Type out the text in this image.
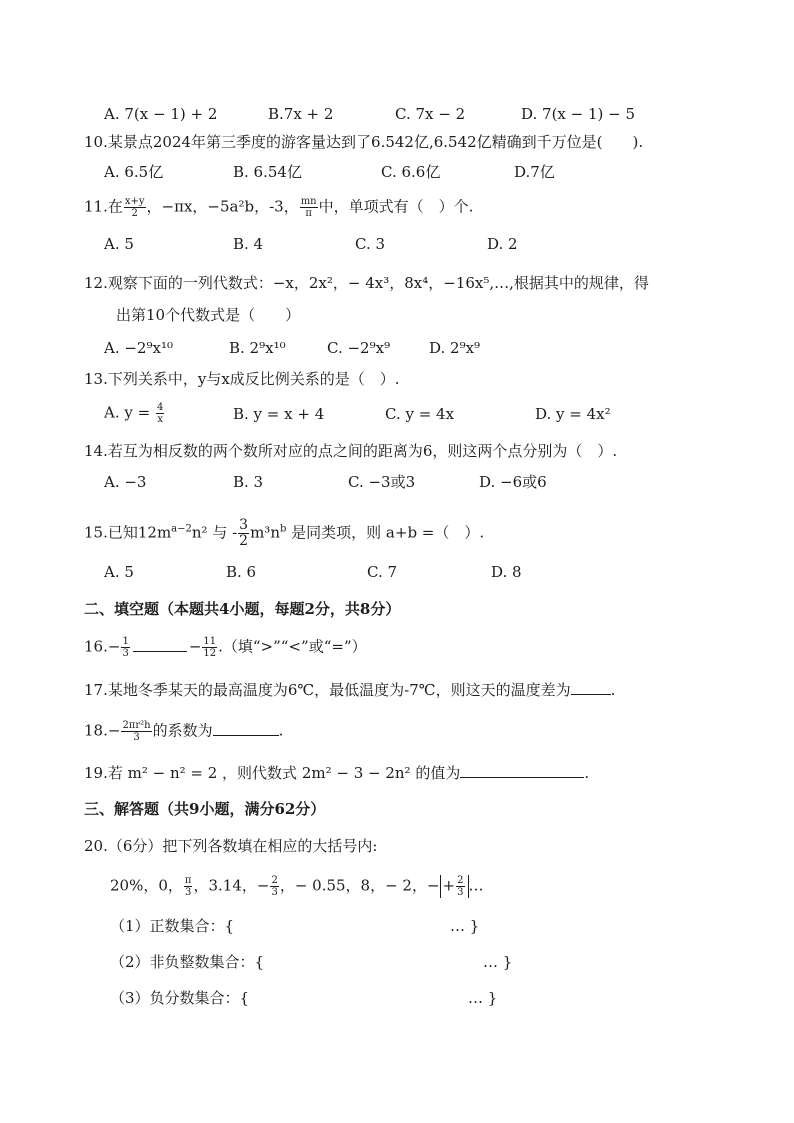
A. 7(x − 1) + 2	B.7x + 2	C. 7x − 2	D. 7(x − 1) − 5
10.某景点2024年第三季度的游客量达到了6.542亿,6.542亿精确到千万位是(　　).
A. 6.5亿	B. 6.54亿	C. 6.6亿	D.7亿
11.在 $\frac{x+y}{2}$ ，−πx，−5a²b，-3， $\frac{mn}{\pi}$ 中，单项式有（　）个.
A. 5	B. 4	C. 3	D. 2
12.观察下面的一列代数式：−x，2x²，− 4x³，8x⁴，−16x⁵,…,根据其中的规律，得
出第10个代数式是（　　）
A. −2⁹x¹⁰	B. 2⁹x¹⁰	C. −2⁹x⁹	D. 2⁹x⁹
13.下列关系中，y与x成反比例关系的是（　）.
A. $y = \frac{4}{x}$	B. y = x + 4	C. y = 4x	D. y = 4x²
14.若互为相反数的两个数所对应的点之间的距离为6，则这两个点分别为（　）.
A. −3	B. 3	C. −3或3	D. −6或6
15.已知$12m^{a-2}n^2$ 与 - $\frac{3}{2} m^3n^b$ 是同类项，则 a+b =（　）.
A. 5	B. 6	C. 7	D. 8
二、填空题（本题共4小题，每题2分，共8分）
$16.- \frac{1}{3}$	− $\frac{11}{12}$ .（填“>”“<”或“=”）
17.某地冬季某天的最高温度为6℃，最低温度为-7℃，则这天的温度差为	.
$18.- \frac{\text{2πr²h}}{3}$ 的系数为	.
19.若 m² − n² = 2 ，则代数式 2m² − 3 − 2n² 的值为	.
三、解答题（共9小题，满分62分）
20.（6分）把下列各数填在相应的大括号内:
20%，0， $\frac{\pi}{3}$ ，3.14，− $\frac{2}{3}$ ，− 0.55，8，− 2，− + $\frac{2}{3}$ …
（1）正数集合：{	… }
（2）非负整数集合：{	… }
（3）负分数集合：{	… }
